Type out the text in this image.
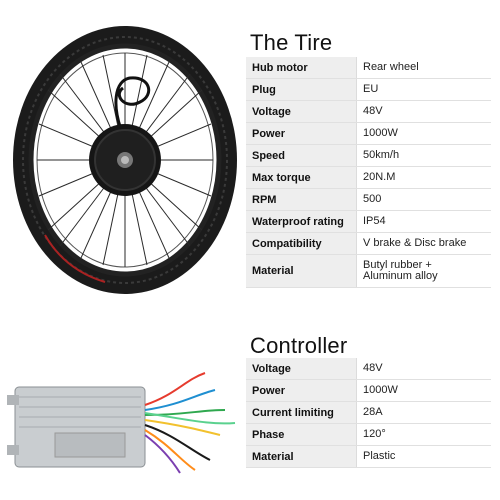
The Tire
Hub motor	Rear wheel
Plug	EU
Voltage	48V
Power	1000W
Speed	50km/h
Max torque	20N.M
RPM	500
Waterproof rating	IP54
Compatibility	V brake & Disc brake
Material	Butyl rubber +
Aluminum alloy
Controller
Voltage	48V
Power	1000W
Current limiting	28A
Phase	120°
Material	Plastic
